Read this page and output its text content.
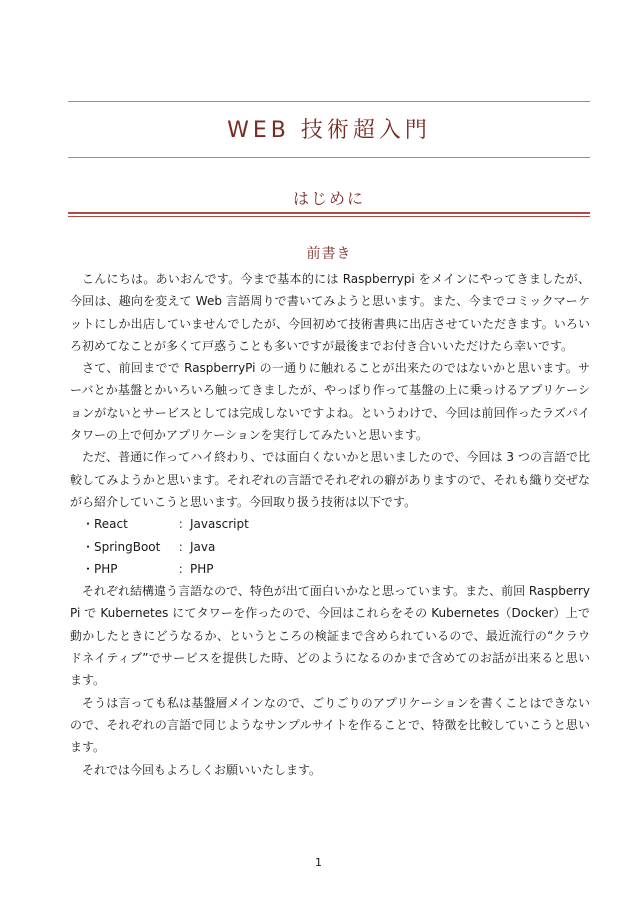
WEB 技術超入門
はじめに
前書き

こんにちは。あいおんです。今まで基本的には Raspberrypi をメインにやってきましたが、今回は、趣向を変えて Web 言語周りで書いてみようと思います。また、今までコミックマーケットにしか出店していませんでしたが、今回初めて技術書典に出店させていただきます。いろいろ初めてなことが多くて戸惑うことも多いですが最後までお付き合いいただけたら幸いです。

さて、前回までで RaspberryPi の一通りに触れることが出来たのではないかと思います。サーバとか基盤とかいろいろ触ってきましたが、やっぱり作って基盤の上に乗っけるアプリケーションがないとサービスとしては完成しないですよね。というわけで、今回は前回作ったラズパイタワーの上で何かアプリケーションを実行してみたいと思います。

ただ、普通に作ってハイ終わり、では面白くないかと思いましたので、今回は 3 つの言語で比較してみようかと思います。それぞれの言語でそれぞれの癖がありますので、それも織り交ぜながら紹介していこうと思います。今回取り扱う技術は以下です。

・React	：Javascript
・SpringBoot	：Java
・PHP	：PHP

それぞれ結構違う言語なので、特色が出て面白いかなと思っています。また、前回 RaspberryPi で Kubernetes にてタワーを作ったので、今回はこれらをその Kubernetes（Docker）上で動かしたときにどうなるか、というところの検証まで含められているので、最近流行の“クラウドネイティブ”でサービスを提供した時、どのようになるのかまで含めてのお話が出来ると思います。

そうは言っても私は基盤層メインなので、ごりごりのアプリケーションを書くことはできないので、それぞれの言語で同じようなサンプルサイトを作ることで、特徴を比較していこうと思います。

それでは今回もよろしくお願いいたします。

1
